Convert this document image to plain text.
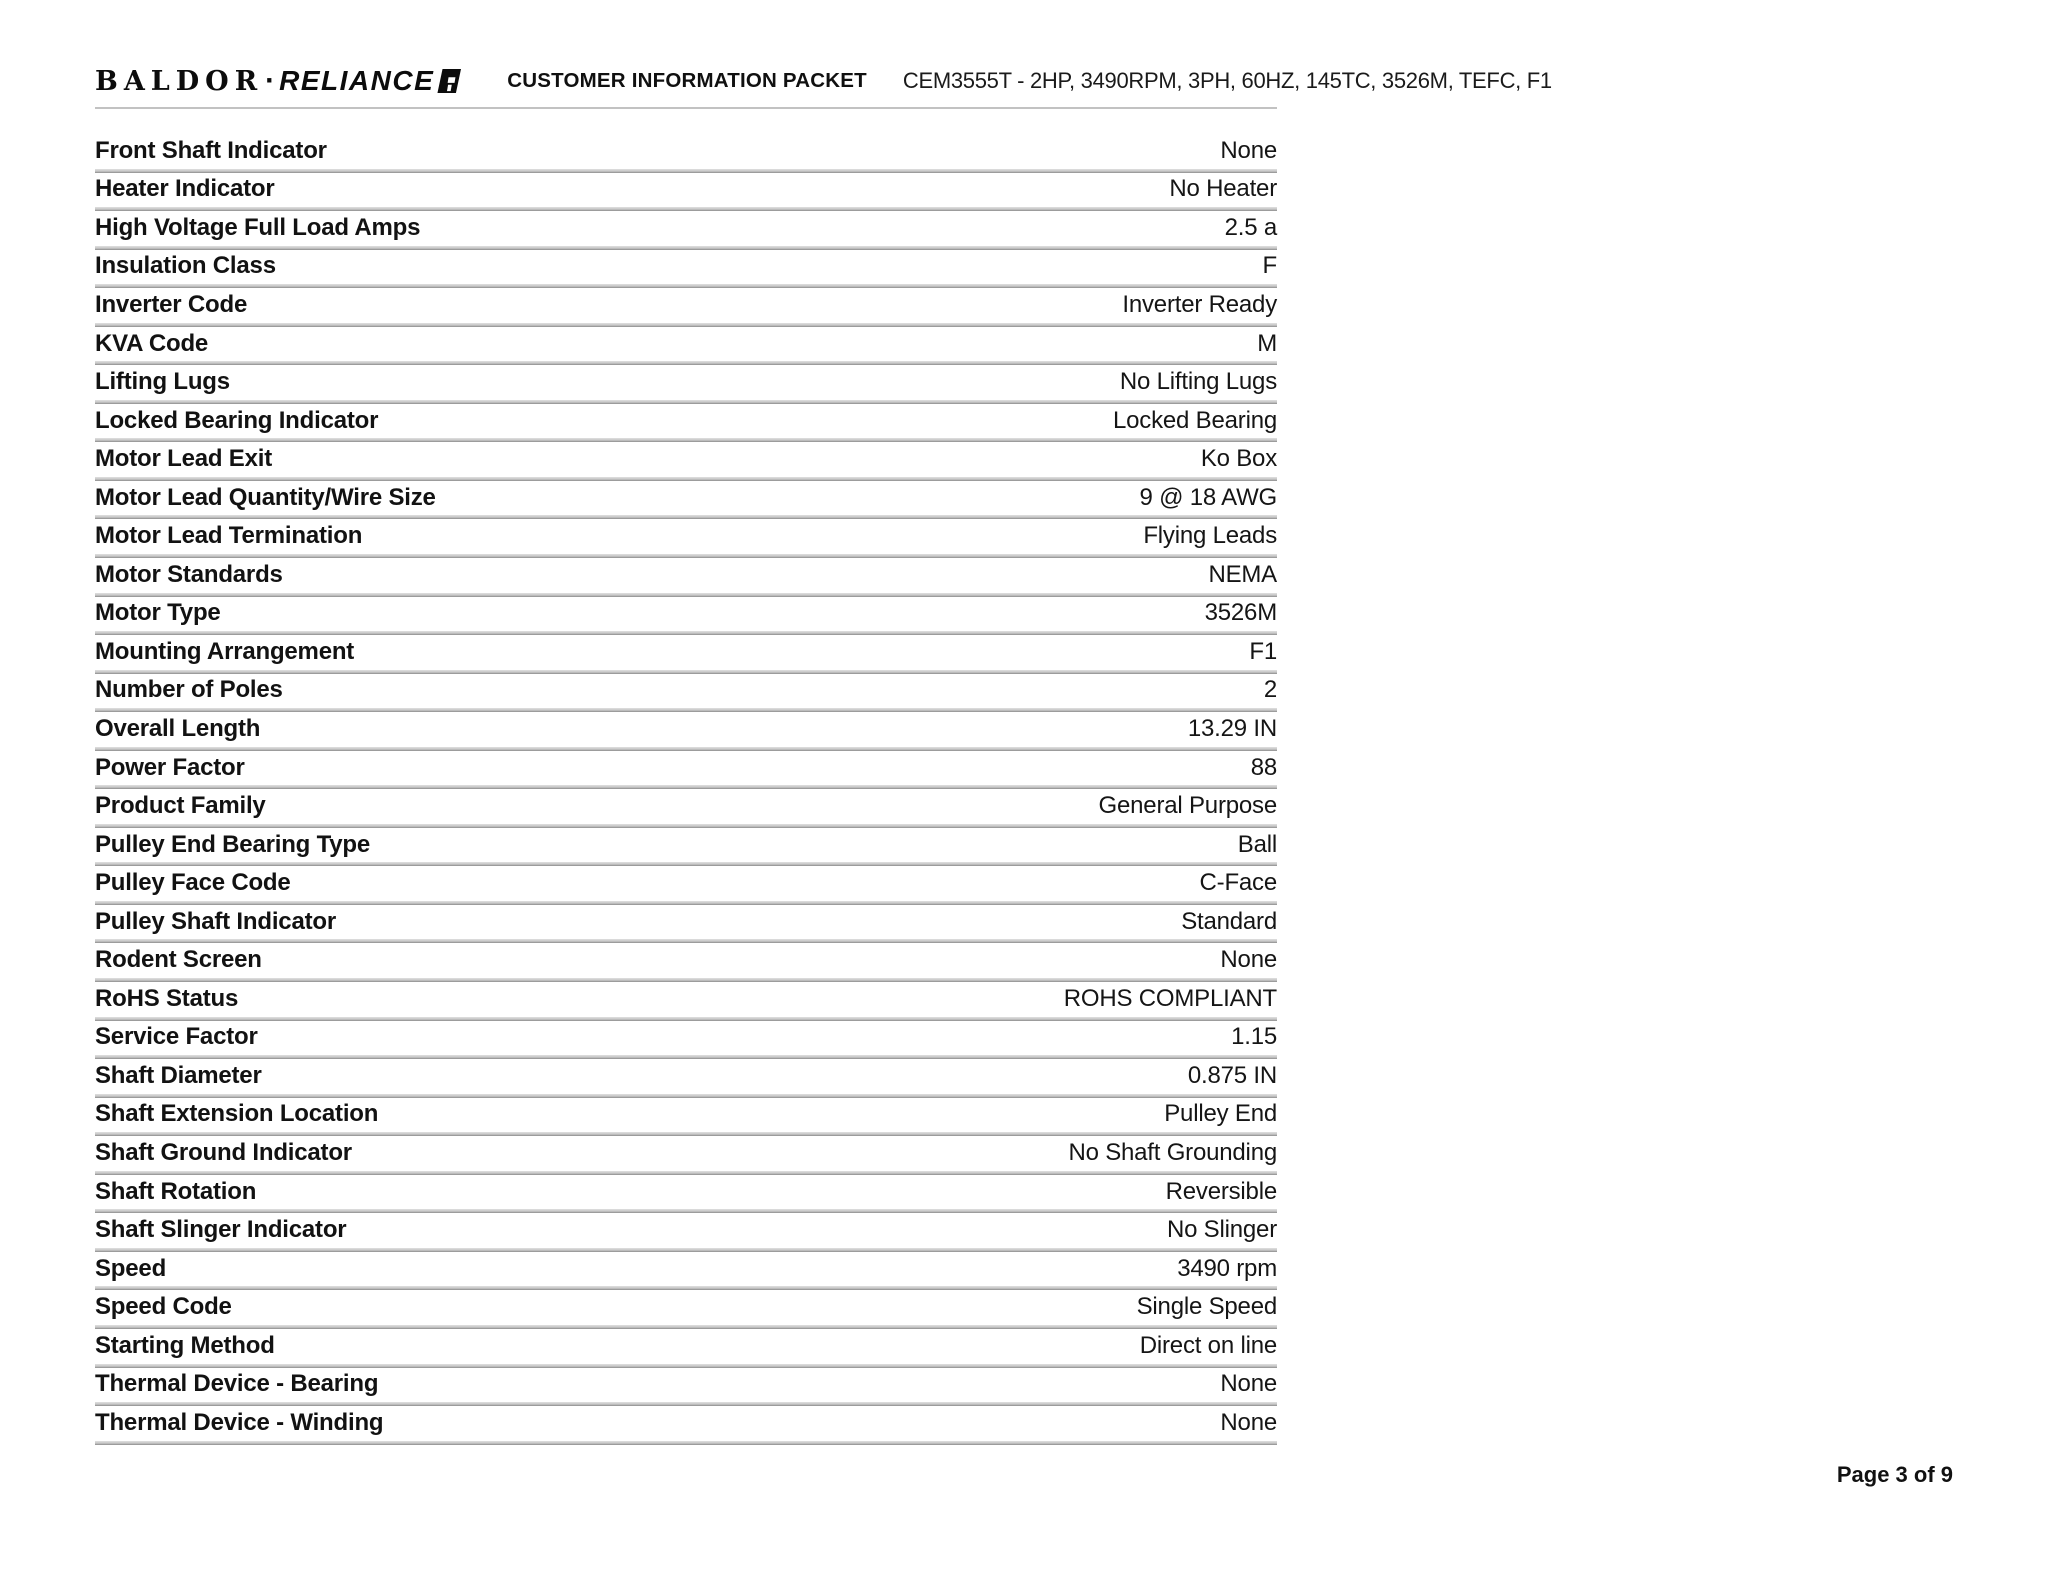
BALDOR · RELIANCE	CUSTOMER INFORMATION PACKET CEM3555T - 2HP, 3490RPM, 3PH, 60HZ, 145TC, 3526M, TEFC, F1
Front Shaft Indicator	None
Heater Indicator	No Heater
High Voltage Full Load Amps	2.5 a
Insulation Class	F
Inverter Code	Inverter Ready
KVA Code	M
Lifting Lugs	No Lifting Lugs
Locked Bearing Indicator	Locked Bearing
Motor Lead Exit	Ko Box
Motor Lead Quantity/Wire Size	9 @ 18 AWG
Motor Lead Termination	Flying Leads
Motor Standards	NEMA
Motor Type	3526M
Mounting Arrangement	F1
Number of Poles	2
Overall Length	13.29 IN
Power Factor	88
Product Family	General Purpose
Pulley End Bearing Type	Ball
Pulley Face Code	C-Face
Pulley Shaft Indicator	Standard
Rodent Screen	None
RoHS Status	ROHS COMPLIANT
Service Factor	1.15
Shaft Diameter	0.875 IN
Shaft Extension Location	Pulley End
Shaft Ground Indicator	No Shaft Grounding
Shaft Rotation	Reversible
Shaft Slinger Indicator	No Slinger
Speed	3490 rpm
Speed Code	Single Speed
Starting Method	Direct on line
Thermal Device - Bearing	None
Thermal Device - Winding	None
Page 3 of 9
